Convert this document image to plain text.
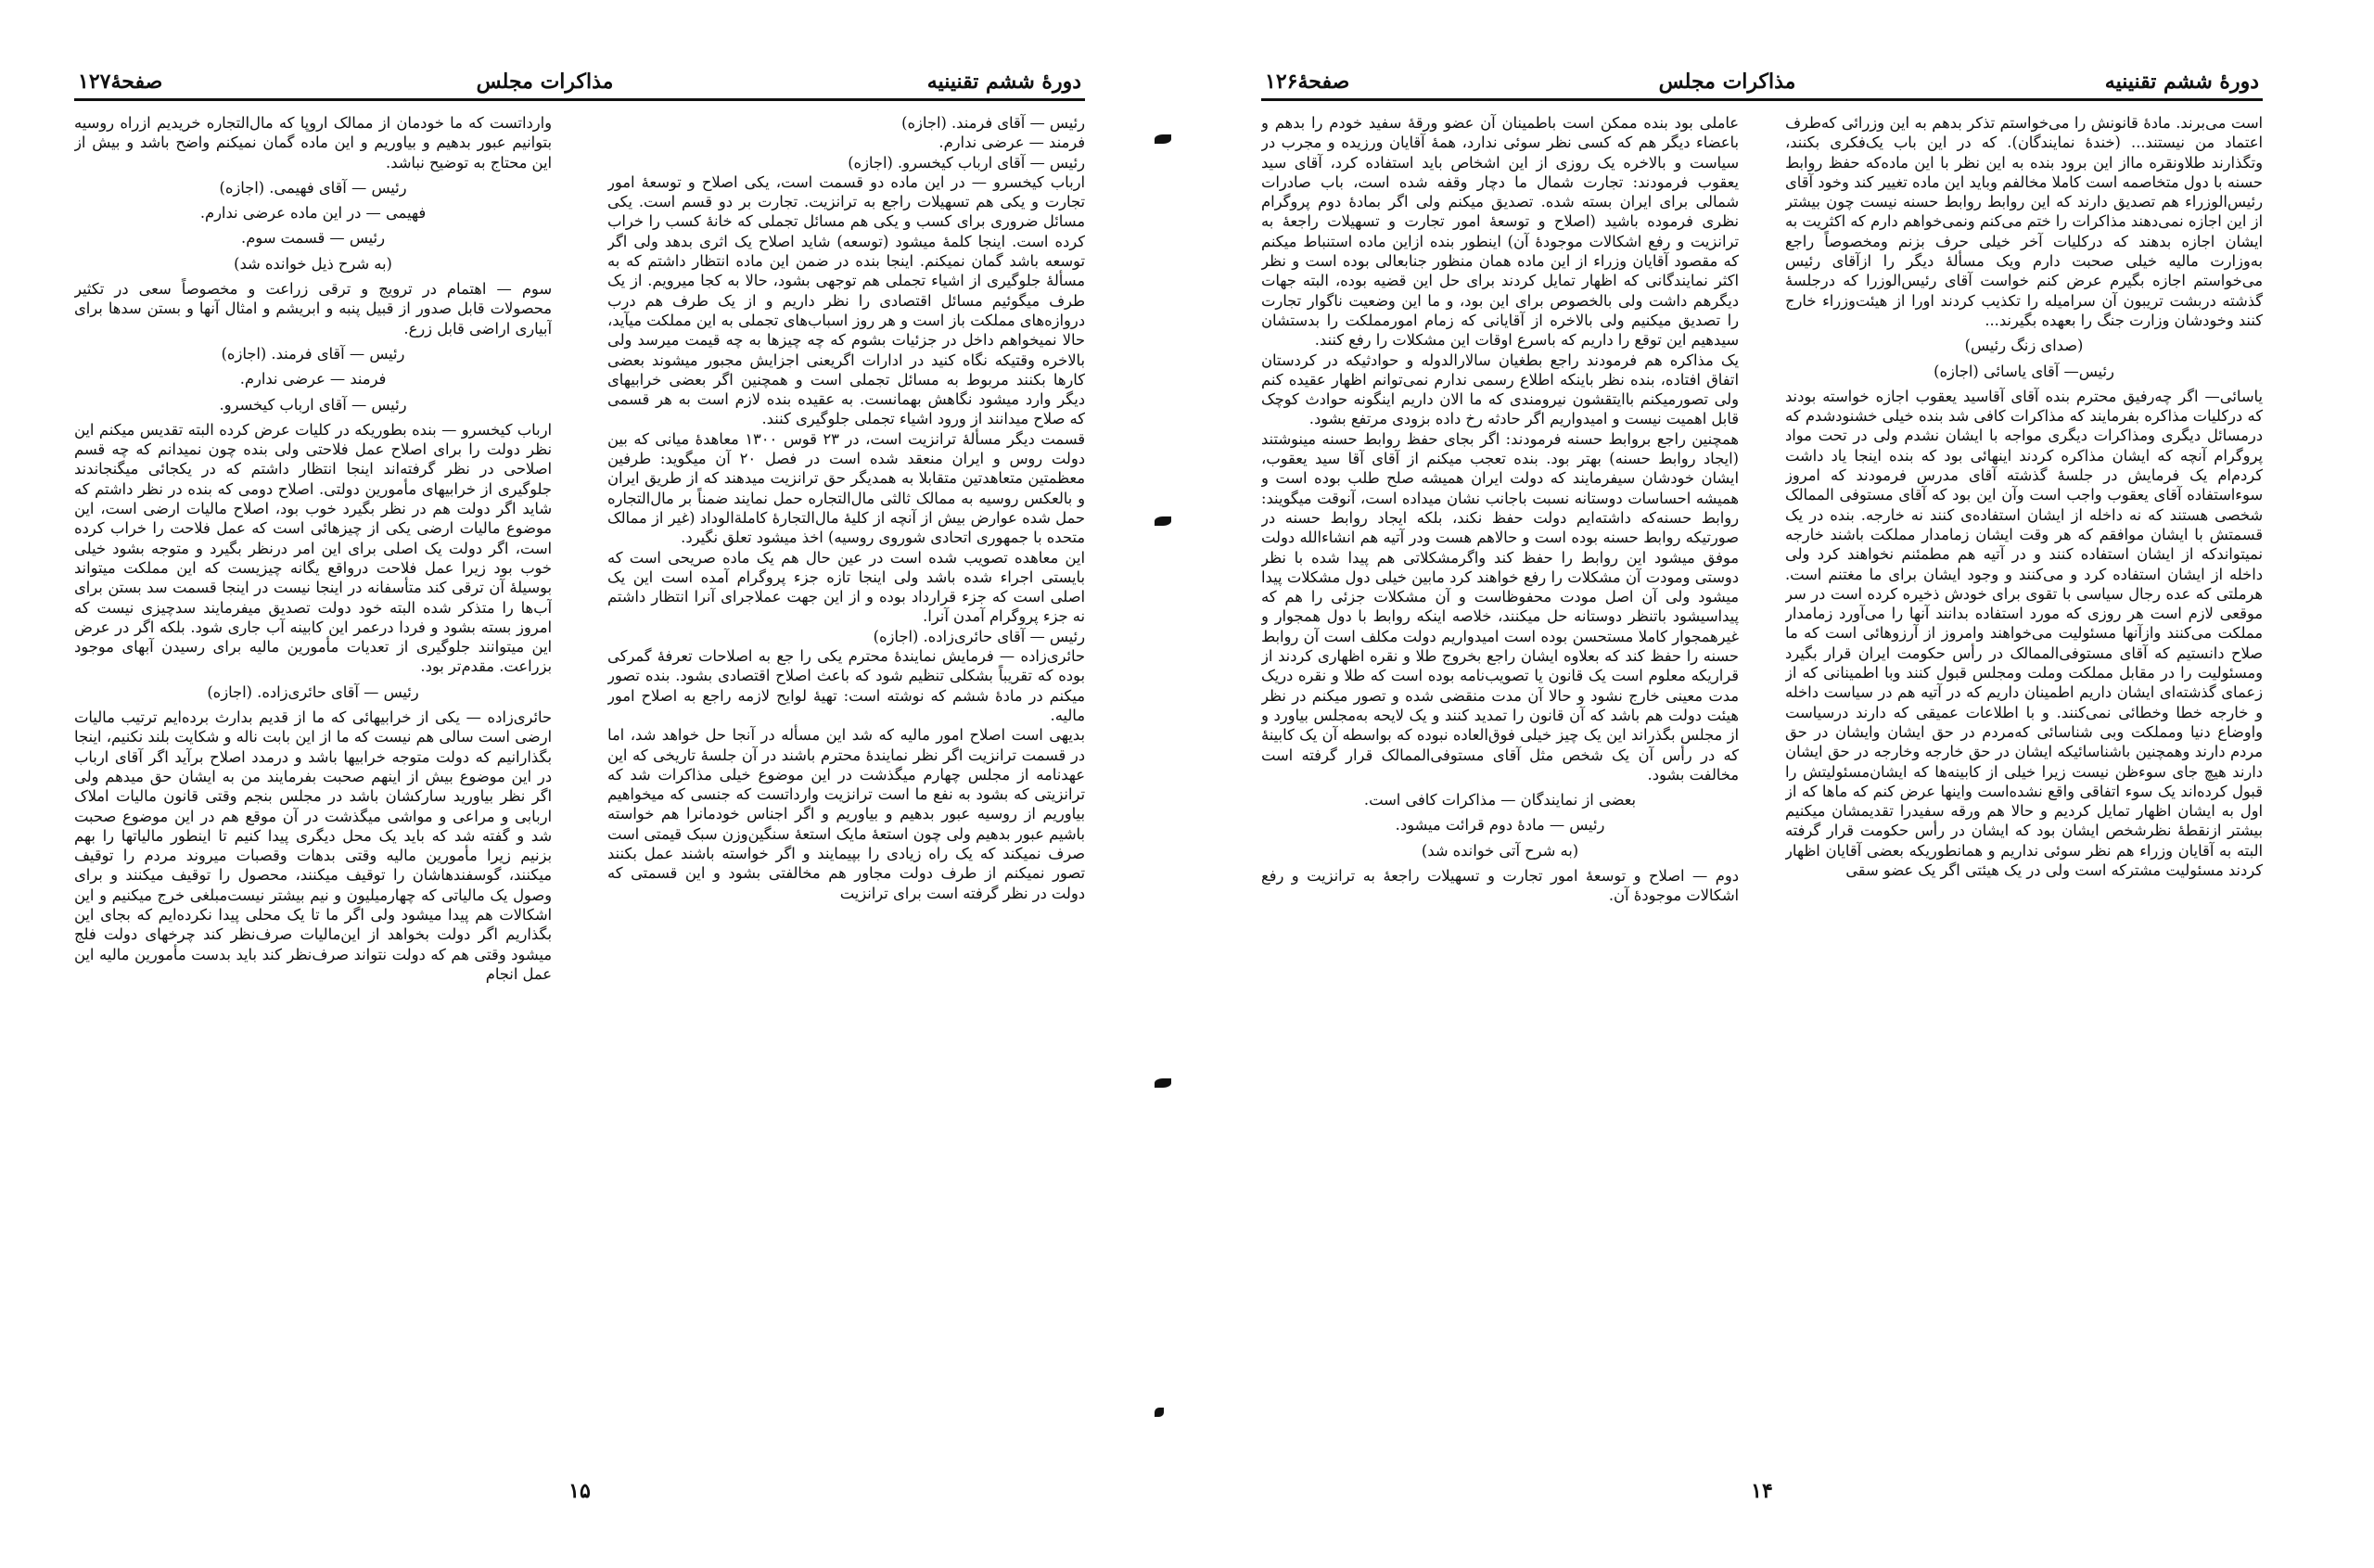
دورهٔ ششم تقنینیه
مذاکرات مجلس
صفحهٔ۱۲۷

رئیس — آقای فرمند. (اجازه)

فرمند — عرضی ندارم.

رئیس — آقای ارباب کیخسرو. (اجازه)

ارباب کیخسرو — در این ماده دو قسمت است، یکی اصلاح و توسعهٔ امور تجارت و یکی هم تسهیلات راجع به ترانزیت. تجارت بر دو قسم است. یکی مسائل ضروری برای کسب و یکی هم مسائل تجملی که خانهٔ کسب را خراب کرده است. اینجا کلمهٔ میشود (توسعه) شاید اصلاح یک اثری بدهد ولی اگر توسعه باشد گمان نمیکنم. اینجا بنده در ضمن این ماده انتظار داشتم که به مسألهٔ جلوگیری از اشیاء تجملی هم توجهی بشود، حالا به کجا میرویم. از یک طرف میگوئیم مسائل اقتصادی را نظر داریم و از یک طرف هم درب دروازه‌های مملکت باز است و هر روز اسباب‌های تجملی به این مملکت میآید، حالا نمیخواهم داخل در جزئیات بشوم که چه چیزها به چه قیمت میرسد ولی بالاخره وقتیکه نگاه کنید در ادارات اگریعنی اجزایش مجبور میشوند بعضی کارها بکنند مربوط به مسائل تجملی است و همچنین اگر بعضی خرابیهای دیگر وارد میشود نگاهش بهمانست. به عقیده بنده لازم است به هر قسمی که صلاح میدانند از ورود اشیاء تجملی جلوگیری کنند.

قسمت دیگر مسألهٔ ترانزیت است، در ۲۳ قوس ۱۳۰۰ معاهدهٔ میانی که بین دولت روس و ایران منعقد شده است در فصل ۲۰ آن میگوید: طرفین معظمتین متعاهدتین متقابلا به همدیگر حق ترانزیت میدهند که از طریق ایران و بالعکس روسیه به ممالک ثالثی مال‌التجاره حمل نمایند ضمناً بر مال‌التجاره حمل شده عوارض بیش از آنچه از کلیهٔ مال‌التجارهٔ کاملة‌الوداد (غیر از ممالک متحده با جمهوری اتحادی شوروی روسیه) اخذ میشود تعلق نگیرد.

این معاهده تصویب شده است در عین حال هم یک ماده صریحی است که بایستی اجراء شده باشد ولی اینجا تازه جزء پروگرام آمده است این یک اصلی است که جزء قرارداد بوده و از این جهت عملاجرای آنرا انتظار داشتم نه جزء پروگرام آمدن آنرا.

رئیس — آقای حائری‌زاده. (اجازه)

حائری‌زاده — فرمایش نمایندهٔ محترم یکی را جع به اصلاحات تعرفهٔ گمرکی بوده که تقریباً بشکلی تنظیم شود که باعث اصلاح اقتصادی بشود. بنده تصور میکنم در مادهٔ ششم که نوشته است: تهیهٔ لوایح لازمه راجع به اصلاح امور مالیه.

بدیهی است اصلاح امور مالیه که شد این مسأله در آنجا حل خواهد شد، اما در قسمت ترانزیت اگر نظر نمایندهٔ محترم باشند در آن جلسهٔ تاریخی که این عهدنامه از مجلس چهارم میگذشت در این موضوع خیلی مذاکرات شد که ترانزیتی که بشود به نفع ما است ترانزیت وارداتست که جنسی که میخواهیم بیاوریم از روسیه عبور بدهیم و بیاوریم و اگر اجناس خودمانرا هم خواسته باشیم عبور بدهیم ولی چون استعهٔ مایک استعهٔ سنگین‌وزن سبک قیمتی است صرف نمیکند که یک راه زیادی را بپیمایند و اگر خواسته باشند عمل بکنند تصور نمیکنم از طرف دولت مجاور هم مخالفتی بشود و این قسمتی که دولت در نظر گرفته است برای ترانزیت

وارداتست که ما خودمان از ممالک اروپا که مال‌التجاره خریدیم ازراه روسیه بتوانیم عبور بدهیم و بیاوریم و این ماده گمان نمیکنم واضح باشد و بیش از این محتاج به توضیح نباشد.

رئیس — آقای فهیمی. (اجازه)

فهیمی — در این ماده عرضی ندارم.

رئیس — قسمت سوم.

(به شرح ذیل خوانده شد)

سوم — اهتمام در ترویج و ترقی زراعت و مخصوصاً سعی در تکثیر محصولات قابل صدور از قبیل پنبه و ابریشم و امثال آنها و بستن سدها برای آبیاری اراضی قابل زرع.

رئیس — آقای فرمند. (اجازه)

فرمند — عرضی ندارم.

رئیس — آقای ارباب کیخسرو.

ارباب کیخسرو — بنده بطوریکه در کلیات عرض کرده البته تقدیس میکنم این نظر دولت را برای اصلاح عمل فلاحتی ولی بنده چون نمیدانم که چه قسم اصلاحی در نظر گرفته‌اند اینجا انتظار داشتم که در یکجائی میگنجاندند جلوگیری از خرابیهای مأمورین دولتی. اصلاح دومی که بنده در نظر داشتم که شاید اگر دولت هم در نظر بگیرد خوب بود، اصلاح مالیات ارضی است، این موضوع مالیات ارضی یکی از چیزهائی است که عمل فلاحت را خراب کرده است، اگر دولت یک اصلی برای این امر درنظر بگیرد و متوجه بشود خیلی خوب بود زیرا عمل فلاحت درواقع یگانه چیزیست که این مملکت میتواند بوسیلهٔ آن ترقی کند متأسفانه در اینجا نیست در اینجا قسمت سد بستن برای آب‌ها را متذکر شده البته خود دولت تصدیق میفرمایند سدچیزی نیست که امروز بسته بشود و فردا درعمر این کابینه آب جاری شود. بلکه اگر در عرض این میتوانند جلوگیری از تعدیات مأمورین مالیه برای رسیدن آبهای موجود بزراعت. مقدم‌تر بود.

رئیس — آقای حائری‌زاده. (اجازه)

حائری‌زاده — یکی از خرابیهائی که ما از قدیم بدارث برده‌ایم ترتیب مالیات ارضی است سالی هم نیست که ما از این بابت ناله و شکایت بلند نکنیم، اینجا بگذارانیم که دولت متوجه خرابیها باشد و درمدد اصلاح برآید اگر آقای ارباب در این موضوع بیش از اینهم صحبت بفرمایند من به ایشان حق میدهم ولی اگر نظر بیاورید سارکشان باشد در مجلس بنجم وقتی قانون مالیات املاک اربابی و مراعی و مواشی میگذشت در آن موقع هم در این موضوع صحبت شد و گفته شد که باید یک محل دیگری پیدا کنیم تا اینطور مالیاتها را بهم بزنیم زیرا مأمورین مالیه وقتی بدهات وقصبات میروند مردم را توقیف میکنند، گوسفندهاشان را توقیف میکنند، محصول را توقیف میکنند و برای وصول یک مالیاتی که چهارمیلیون و نیم بیشتر نیست‌مبلغی خرج میکنیم و این اشکالات هم پیدا میشود ولی اگر ما تا یک محلی پیدا نکرده‌ایم که بجای این بگذاریم اگر دولت بخواهد از این‌مالیات صرف‌نظر کند چرخهای دولت فلج میشود وقتی هم که دولت نتواند صرف‌نظر کند باید بدست مأمورین مالیه این عمل انجام

۱۵
دورهٔ ششم تقنینیه
مذاکرات مجلس
صفحهٔ۱۲۶

است می‌برند. مادهٔ قانونش را می‌خواستم تذکر بدهم به این وزرائی که‌طرف اعتماد من نیستند... (خندهٔ نمایندگان). که در این باب یک‌فکری بکنند، وتگذارند طلاونقره مااز این برود بنده به این نظر با این ماده‌که حفظ روابط حسنه با دول متخاصمه است کاملا مخالفم وباید این ماده تغییر کند وخود آقای رئیس‌الوزراء هم تصدیق دارند که این روابط روابط حسنه نیست چون بیشتر از این اجازه نمی‌دهند مذاکرات را ختم می‌کنم ونمی‌خواهم دارم که اکثریت به ایشان اجازه بدهند که درکلیات آخر خیلی حرف بزنم ومخصوصاً راجع به‌وزارت مالیه خیلی صحبت دارم ویک مسألهٔ دیگر را ازآقای رئیس می‌خواستم اجازه بگیرم عرض کنم خواست آقای رئیس‌الوزرا که درجلسهٔ گذشته دربشت تریبون آن سرامیله را تکذیب کردند اورا از هیئت‌وزراء خارج کنند وخودشان وزارت جنگ را بعهده بگیرند...

(صدای زنگ رئیس)

رئیس— آقای یاسائی (اجازه)

یاسائی— اگر چه‌رفیق محترم بنده آقای آقاسید یعقوب اجازه خواسته بودند که درکلیات مذاکره بفرمایند که مذاکرات کافی شد بنده خیلی خشنودشدم که درمسائل دیگری ومذاکرات دیگری مواجه با ایشان نشدم ولی در تحت مواد پروگرام آنچه که ایشان مذاکره کردند اینهائی بود که بنده اینجا یاد داشت کردم‌ام یک فرمایش در جلسهٔ گذشته آقای مدرس فرمودند که امروز سوءاستفاده آقای یعقوب واجب است وآن این بود که آقای مستوفی الممالک شخصی هستند که نه داخله از ایشان استفاده‌ی کنند نه خارجه. بنده در یک قسمتش با ایشان موافقم که هر وقت ایشان زمامدار مملکت باشند خارجه نمیتواندکه از ایشان استفاده کنند و در آتیه هم مطمئنم نخواهند کرد ولی داخله از ایشان استفاده کرد و می‌کنند و وجود ایشان برای ما مغتنم است. هرملتی که عده رجال سیاسی با تقوی برای خودش ذخیره کرده است در سر موقعی لازم است هر روزی که مورد استفاده بدانند آنها را می‌آورد زمامدار مملکت می‌کنند وازآنها مسئولیت می‌خواهند وامروز از آرزوهائی است که ما صلاح دانستیم که آقای مستوفی‌الممالک در رأس حکومت ایران قرار بگیرد ومسئولیت را در مقابل مملکت وملت ومجلس قبول کنند وبا اطمینانی که از زعمای گذشته‌ای ایشان داریم اطمینان داریم که در آتیه هم در سیاست داخله و خارجه خطا وخطائی نمی‌کنند. و با اطلاعات عمیقی که دارند درسیاست واوضاع دنیا ومملکت وبی شناسائی که‌مردم در حق ایشان وایشان در حق مردم دارند وهمچنین باشناسائیکه ایشان در حق خارجه وخارجه در حق ایشان دارند هیچ جای سوءظن نیست زیرا خیلی از کابینه‌ها که ایشان‌مسئولیتش را قبول کرده‌اند یک سوء اتفاقی واقع نشده‌است واینها عرض کنم که ماها که از اول به ایشان اظهار تمایل کردیم و حالا هم ورقه سفیدرا تقدیمشان میکنیم بیشتر ازنقطهٔ نظرشخص ایشان بود که ایشان در رأس حکومت قرار گرفته البته به آقایان وزراء هم نظر سوئی نداریم و همانطوریکه بعضی آقایان اظهار کردند مسئولیت مشترکه است ولی در یک هیئتی اگر یک عضو سقی

عاملی بود بنده ممکن است باطمینان آن عضو ورقهٔ سفید خودم را بدهم و باعضاء دیگر هم که کسی نظر سوئی ندارد، همهٔ آقایان ورزیده و مجرب در سیاست و بالاخره یک روزی از این اشخاص باید استفاده کرد، آقای سید یعقوب فرمودند: تجارت شمال ما دچار وقفه شده است، باب صادرات شمالی برای ایران بسته شده. تصدیق میکنم ولی اگر بمادهٔ دوم پروگرام نظری فرموده باشید (اصلاح و توسعهٔ امور تجارت و تسهیلات راجعهٔ به ترانزیت و رفع اشکالات موجودهٔ آن) اینطور بنده ازاین ماده استنباط میکنم که مقصود آقایان وزراء از این ماده همان منظور جنابعالی بوده است و نظر اکثر نمایندگانی که اظهار تمایل کردند برای حل این قضیه بوده، البته جهات دیگرهم داشت ولی بالخصوص برای این بود، و ما این وضعیت ناگوار تجارت را تصدیق میکنیم ولی بالاخره از آقایانی که زمام امورمملکت را بدستشان سیدهیم این توقع را داریم که باسرع اوقات این مشکلات را رفع کنند.

یک مذاکره هم فرمودند راجع بطغیان سالارالدوله و حوادثیکه در کردستان اتفاق افتاده، بنده نظر باینکه اطلاع رسمی ندارم نمی‌توانم اظهار عقیده کنم ولی تصورمیکنم باایتقشون نیرومندی که ما الان داریم اینگونه حوادث کوچک قابل اهمیت نیست و امیدواریم اگر حادثه رخ داده بزودی مرتفع بشود.

همچنین راجع بروابط حسنه فرمودند: اگر بجای حفظ روابط حسنه مینوشتند (ایجاد روابط حسنه) بهتر بود. بنده تعجب میکنم از آقای آقا سید یعقوب، ایشان خودشان سیفرمایند که دولت ایران همیشه صلح طلب بوده است و همیشه احساسات دوستانه نسبت باجانب نشان میداده است، آنوقت میگویند: روابط حسنه‌که داشته‌ایم دولت حفظ نکند، بلکه ایجاد روابط حسنه در صورتیکه روابط حسنه بوده است و حالاهم هست ودر آتیه هم انشاءالله دولت موفق میشود این روابط را حفظ کند واگرمشکلاتی هم پیدا شده با نظر دوستی ومودت آن مشکلات را رفع خواهند کرد مابین خیلی دول مشکلات پیدا میشود ولی آن اصل مودت محفوظاست و آن مشکلات جزئی را هم که پیداسیشود باتنظر دوستانه حل میکنند، خلاصه اینکه روابط با دول همجوار و غیرهمجوار کاملا مستحسن بوده است امیدواریم دولت مکلف است آن روابط حسنه را حفظ کند که بعلاوه ایشان راجع بخروج طلا و نقره اظهاری کردند از قراریکه معلوم است یک قانون یا تصویب‌نامه بوده است که طلا و نقره دریک مدت معینی خارج نشود و حالا آن مدت منقضی شده و تصور میکنم در نظر هیئت دولت هم باشد که آن قانون را تمدید کنند و یک لایحه به‌مجلس بیاورد و از مجلس بگذراند این یک چیز خیلی فوق‌العاده نبوده که بواسطه آن یک کابینهٔ که در رأس آن یک شخص مثل آقای مستوفی‌الممالک قرار گرفته است مخالفت بشود.

بعضی از نمایندگان — مذاکرات کافی است.

رئیس — مادهٔ دوم قرائت میشود.

(به شرح آتی خوانده شد)

دوم — اصلاح و توسعهٔ امور تجارت و تسهیلات راجعهٔ به ترانزیت و رفع اشکالات موجودهٔ آن.

۱۴
